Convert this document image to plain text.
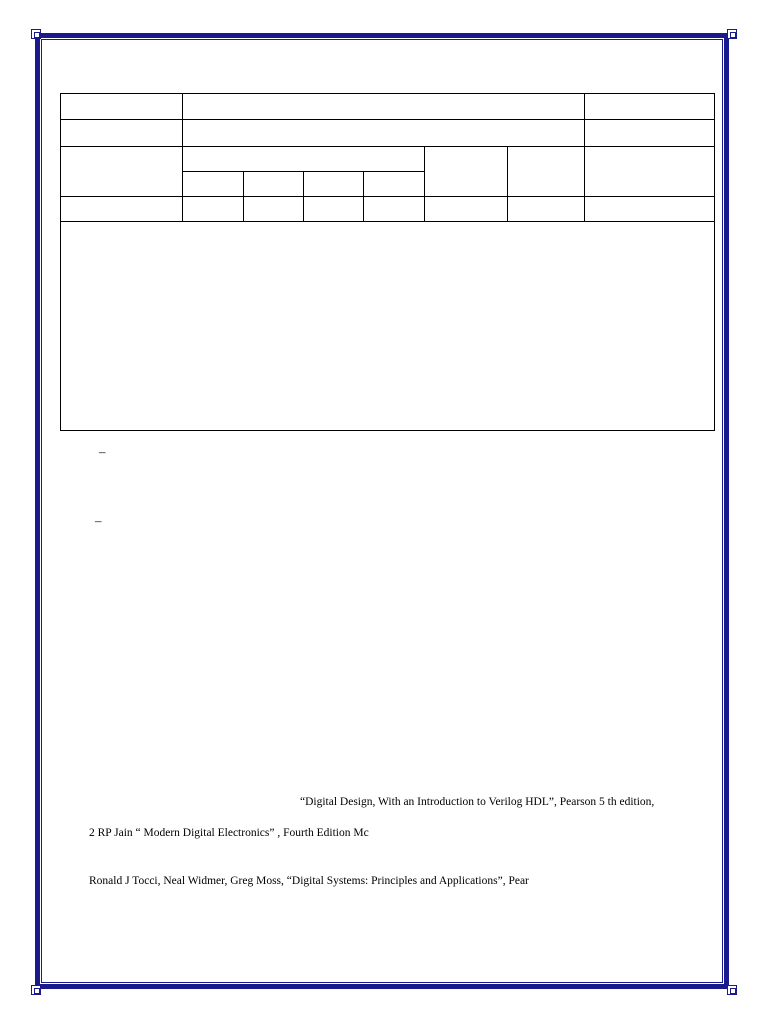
–
–
“Digital Design, With an Introduction to Verilog HDL”, Pearson 5 th edition,
2 RP Jain “ Modern Digital Electronics” , Fourth Edition Mc
Ronald J Tocci, Neal Widmer, Greg Moss, “Digital Systems: Principles and Applications”, Pear
